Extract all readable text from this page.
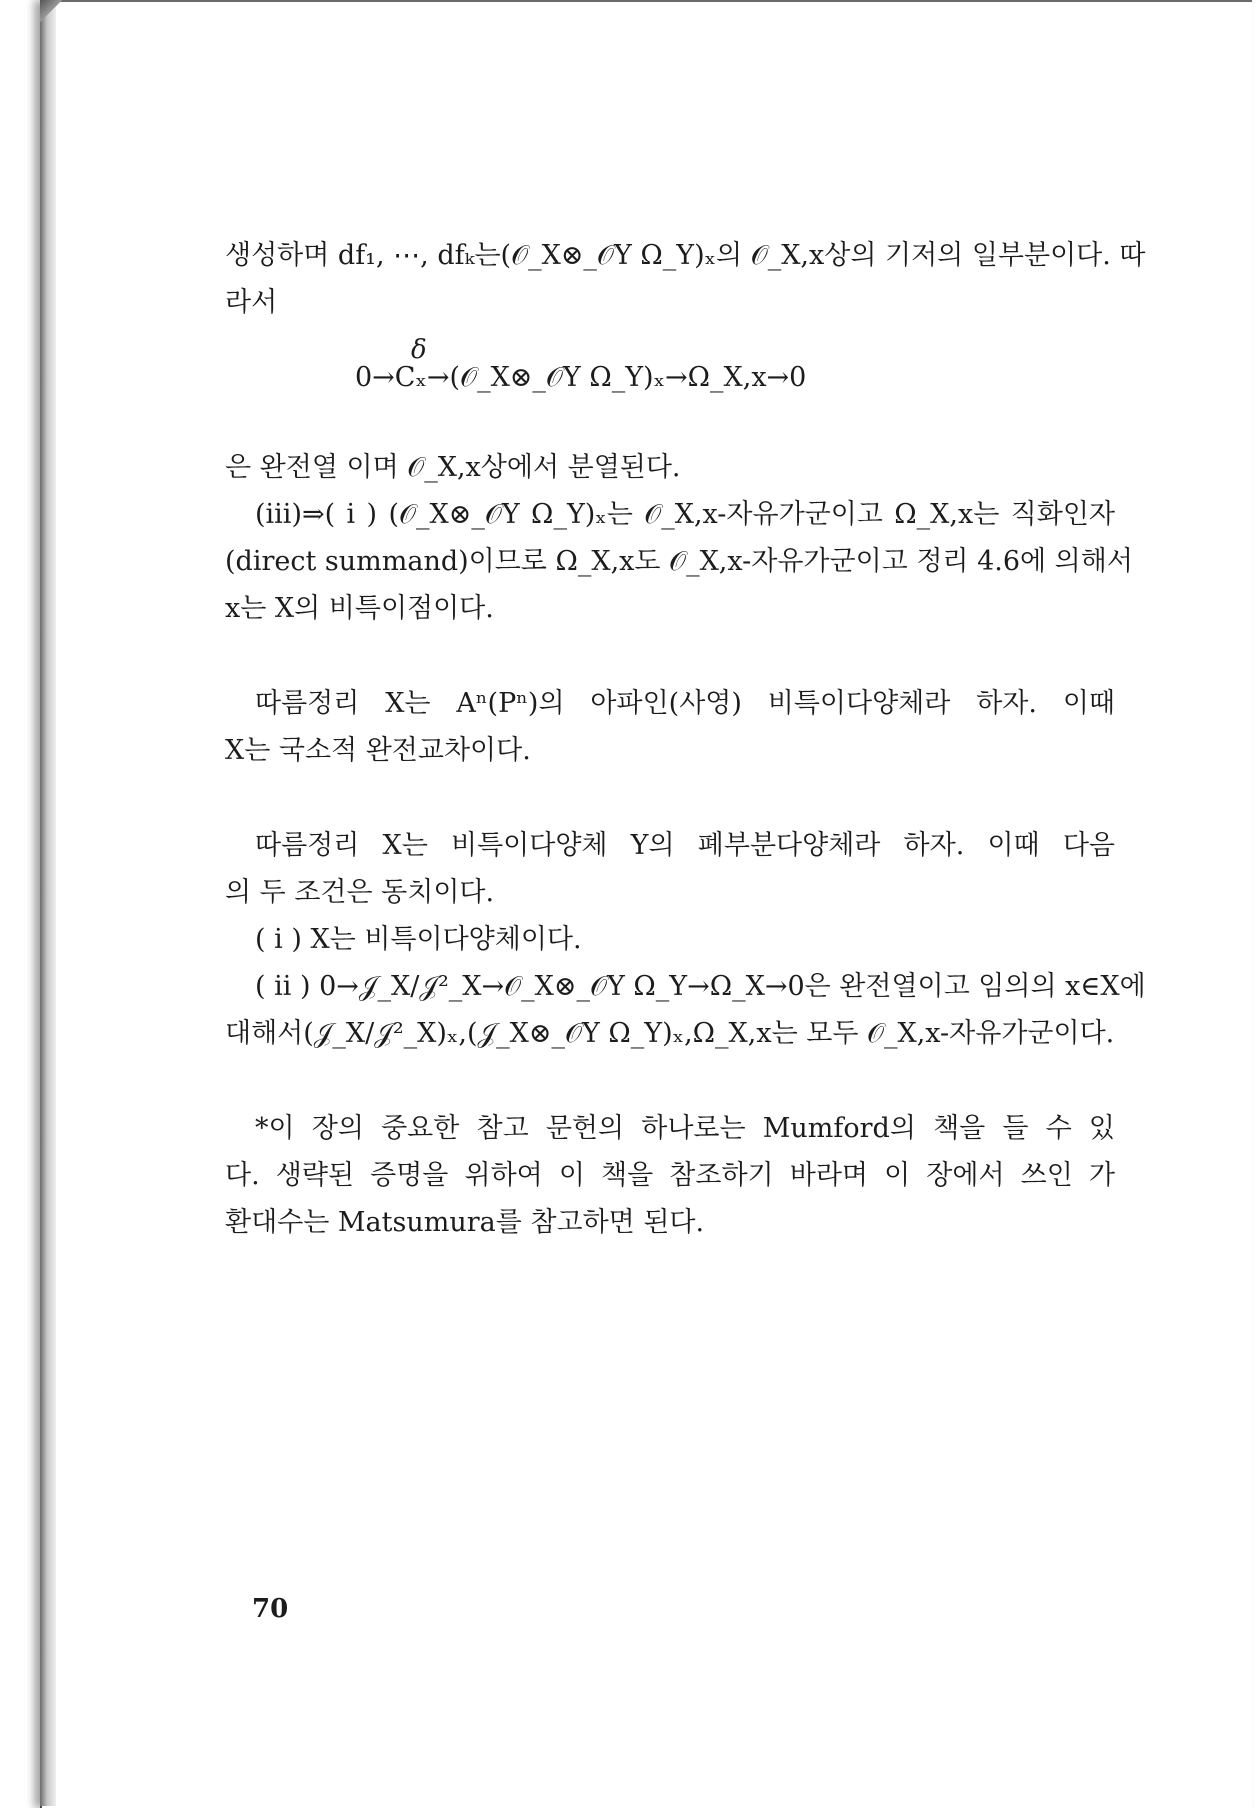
생성하며 df₁, ⋯, dfₖ는(𝒪_X⊗_𝒪Y Ω_Y)ₓ의 𝒪_X,x상의 기저의 일부분이다. 따
라서
δ
0→Cₓ→(𝒪_X⊗_𝒪Y Ω_Y)ₓ→Ω_X,x→0
은 완전열 이며 𝒪_X,x상에서 분열된다.
(iii)⇒( i ) (𝒪_X⊗_𝒪Y Ω_Y)ₓ는 𝒪_X,x-자유가군이고 Ω_X,x는 직화인자
(direct summand)이므로 Ω_X,x도 𝒪_X,x-자유가군이고 정리 4.6에 의해서
x는 X의 비특이점이다.
따름정리 X는 Aⁿ(Pⁿ)의 아파인(사영) 비특이다양체라 하자. 이때
X는 국소적 완전교차이다.
따름정리 X는 비특이다양체 Y의 폐부분다양체라 하자. 이때 다음
의 두 조건은 동치이다.
( i ) X는 비특이다양체이다.
( ii ) 0→𝒥_X/𝒥²_X→𝒪_X⊗_𝒪Y Ω_Y→Ω_X→0은 완전열이고 임의의 x∈X에
대해서(𝒥_X/𝒥²_X)ₓ,(𝒥_X⊗_𝒪Y Ω_Y)ₓ,Ω_X,x는 모두 𝒪_X,x-자유가군이다.
*이 장의 중요한 참고 문헌의 하나로는 Mumford의 책을 들 수 있
다. 생략된 증명을 위하여 이 책을 참조하기 바라며 이 장에서 쓰인 가
환대수는 Matsumura를 참고하면 된다.
70
